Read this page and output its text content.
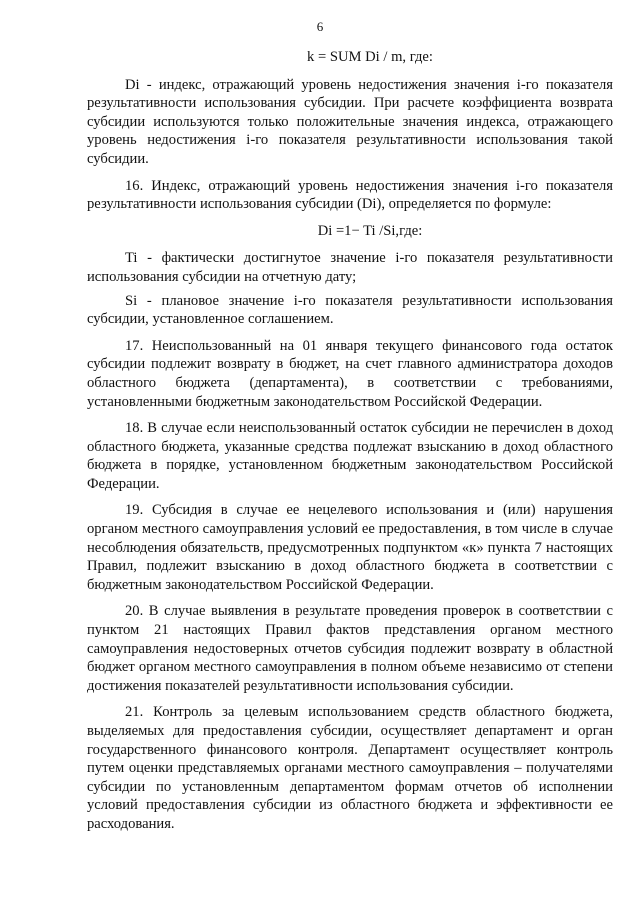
6
k = SUM Di / m, где:

Di - индекс, отражающий уровень недостижения значения i-го показателя результативности использования субсидии. При расчете коэффициента возврата субсидии используются только положительные значения индекса, отражающего уровень недостижения i-го показателя результативности использования такой субсидии.

16. Индекс, отражающий уровень недостижения значения i-го показателя результативности использования субсидии (Di), определяется по формуле:

Di =1− Ti /Si,где:

Ti - фактически достигнутое значение i-го показателя результативности использования субсидии на отчетную дату;

Si - плановое значение i-го показателя результативности использования субсидии, установленное соглашением.

17. Неиспользованный на 01 января текущего финансового года остаток субсидии подлежит возврату в бюджет, на счет главного администратора доходов областного бюджета (департамента), в соответствии с требованиями, установленными бюджетным законодательством Российской Федерации.

18. В случае если неиспользованный остаток субсидии не перечислен в доход областного бюджета, указанные средства подлежат взысканию в доход областного бюджета в порядке, установленном бюджетным законодательством Российской Федерации.

19. Субсидия в случае ее нецелевого использования и (или) нарушения органом местного самоуправления условий ее предоставления, в том числе в случае несоблюдения обязательств, предусмотренных подпунктом «к» пункта 7 настоящих Правил, подлежит взысканию в доход областного бюджета в соответствии с бюджетным законодательством Российской Федерации.

20. В случае выявления в результате проведения проверок в соответствии с пунктом 21 настоящих Правил фактов представления органом местного самоуправления недостоверных отчетов субсидия подлежит возврату в областной бюджет органом местного самоуправления в полном объеме независимо от степени достижения показателей результативности использования субсидии.

21. Контроль за целевым использованием средств областного бюджета, выделяемых для предоставления субсидии, осуществляет департамент и орган государственного финансового контроля. Департамент осуществляет контроль путем оценки представляемых органами местного самоуправления – получателями субсидии по установленным департаментом формам отчетов об исполнении условий предоставления субсидии из областного бюджета и эффективности ее расходования.
